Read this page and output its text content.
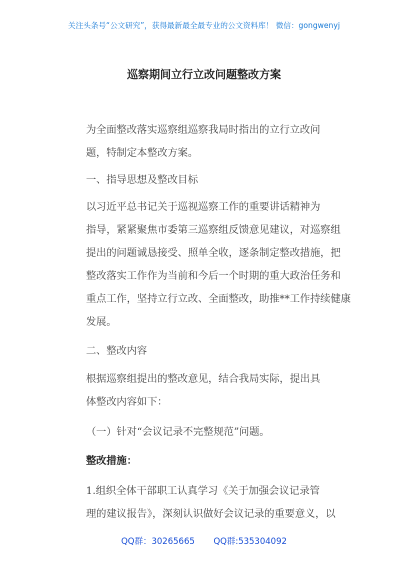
关注头条号“公文研究”，获得最新最全最专业的公文资料库！ 微信：gongwenyj
巡察期间立行立改问题整改方案
为全面整改落实巡察组巡察我局时指出的立行立改问
题，特制定本整改方案。
一、指导思想及整改目标
以习近平总书记关于巡视巡察工作的重要讲话精神为
指导，紧紧聚焦市委第三巡察组反馈意见建议，对巡察组
提出的问题诚恳接受、照单全收，逐条制定整改措施，把
整改落实工作作为当前和今后一个时期的重大政治任务和
重点工作，坚持立行立改、全面整改，助推**工作持续健康
发展。
二、整改内容
根据巡察组提出的整改意见，结合我局实际，提出具
体整改内容如下：
（一）针对“会议记录不完整规范”问题。
整改措施：
1.组织全体干部职工认真学习《关于加强会议记录管
理的建议报告》，深刻认识做好会议记录的重要意义，以
QQ群：30265665 QQ群:535304092
